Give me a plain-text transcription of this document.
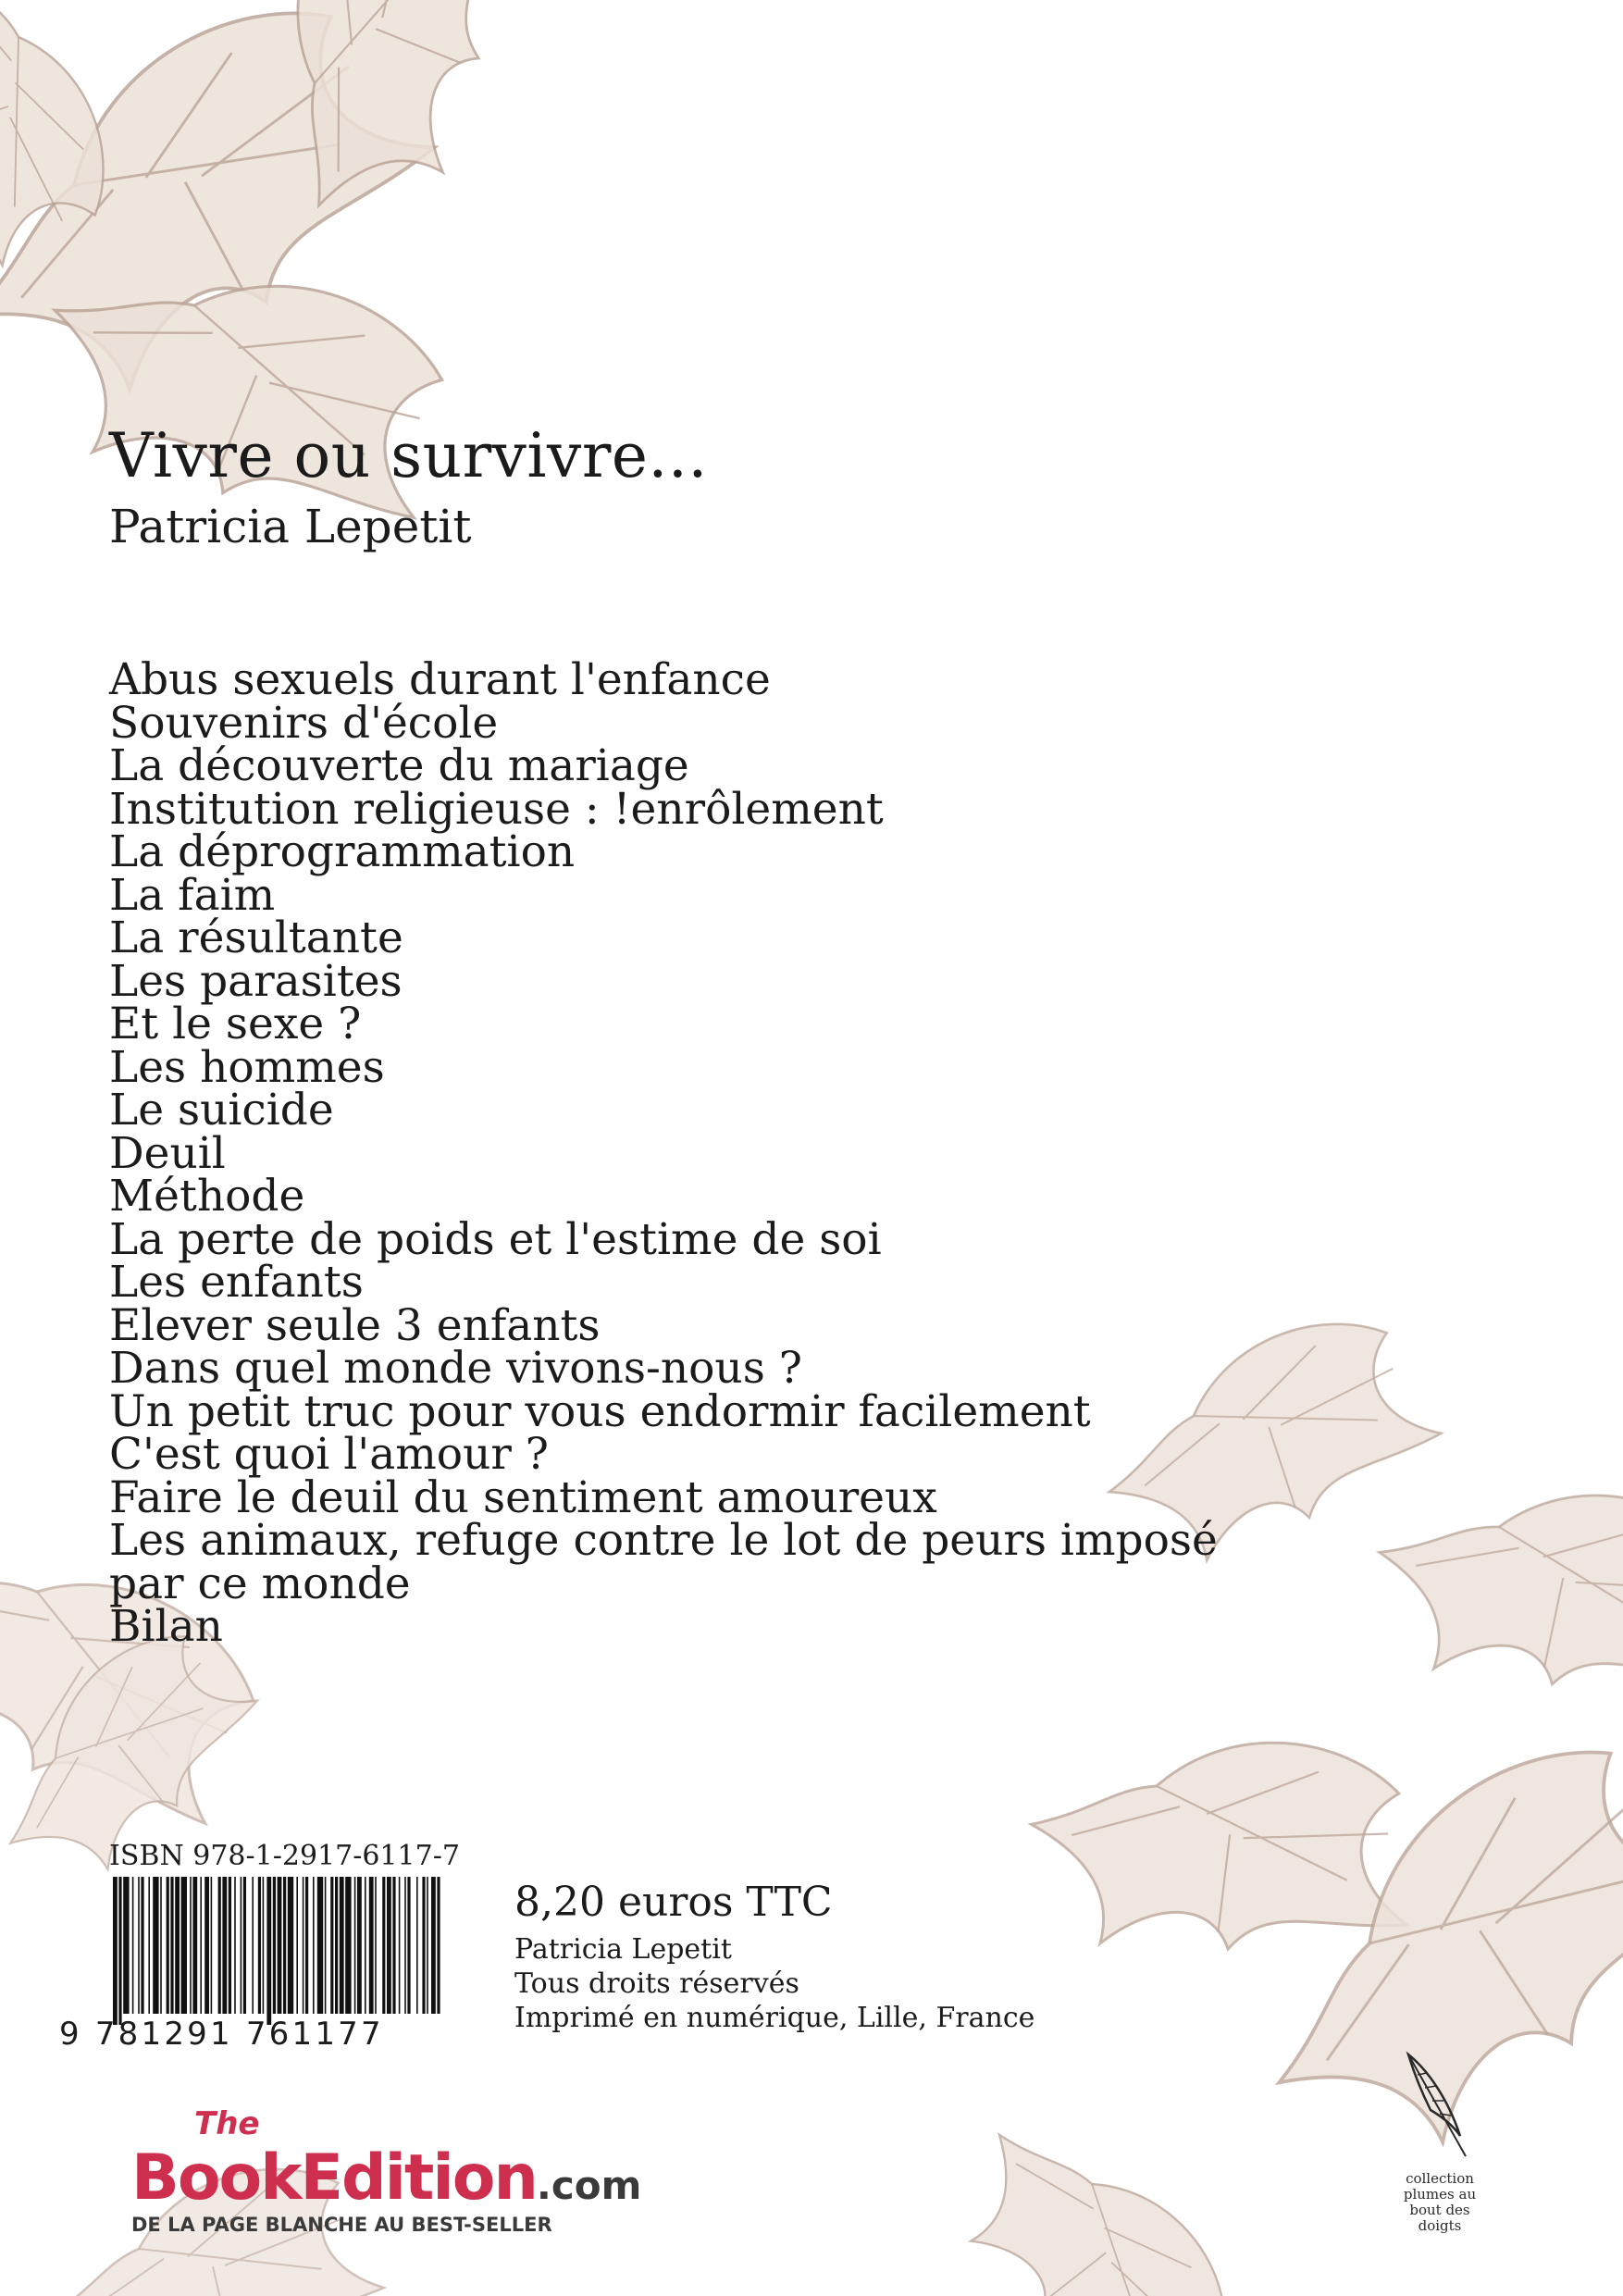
Vivre ou survivre...
Patricia Lepetit
Abus sexuels durant l'enfance
Souvenirs d'école
La découverte du mariage
Institution religieuse : !enrôlement
La déprogrammation
La faim
La résultante
Les parasites
Et le sexe ?
Les hommes
Le suicide
Deuil
Méthode
La perte de poids et l'estime de soi
Les enfants
Elever seule 3 enfants
Dans quel monde vivons-nous ?
Un petit truc pour vous endormir facilement
C'est quoi l'amour ?
Faire le deuil du sentiment amoureux
Les animaux, refuge contre le lot de peurs imposé
par ce monde
Bilan
ISBN 978-1-2917-6117-7
9 781291 761177
8,20 euros TTC
Patricia Lepetit
Tous droits réservés
Imprimé en numérique, Lille, France
The
BookEdition.com
DE LA PAGE BLANCHE AU BEST-SELLER
collection
plumes au
bout des
doigts
